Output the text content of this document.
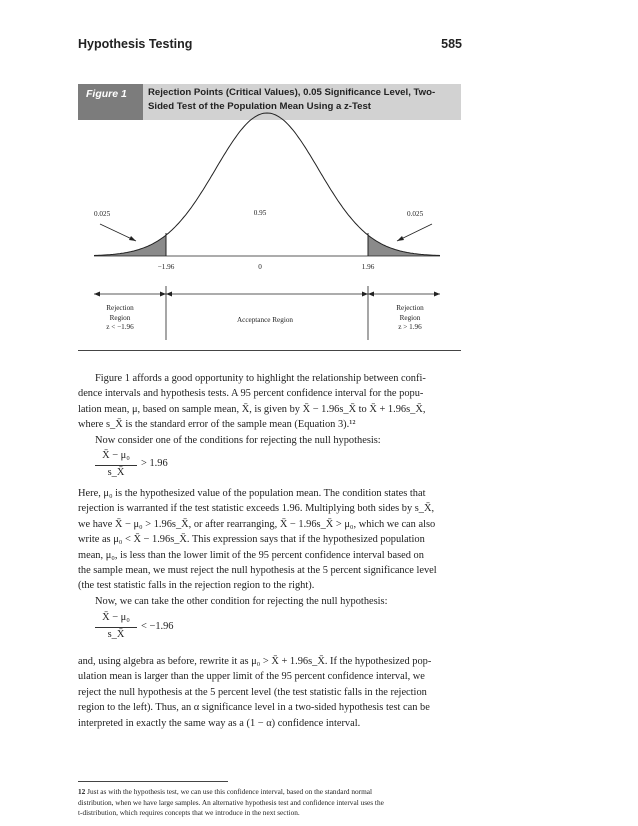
Hypothesis Testing	585
Figure 1	Rejection Points (Critical Values), 0.05 Significance Level, Two-
Sided Test of the Population Mean Using a z-Test
0.025	0.95	0.025
−1.96	0	1.96
Rejection
Region
z < −1.96
Acceptance Region
Rejection
Region
z > 1.96
Figure 1 affords a good opportunity to highlight the relationship between confi-
dence intervals and hypothesis tests. A 95 percent confidence interval for the popu-
lation mean, μ, based on sample mean, X̄, is given by X̄ − 1.96s_X̄ to X̄ + 1.96s_X̄,
where s_X̄ is the standard error of the sample mean (Equation 3).¹²
Now consider one of the conditions for rejecting the null hypothesis:
X̄ − μ₀
s_X̄
> 1.96
Here, μ₀ is the hypothesized value of the population mean. The condition states that
rejection is warranted if the test statistic exceeds 1.96. Multiplying both sides by s_X̄,
we have X̄ − μ₀ > 1.96s_X̄, or after rearranging, X̄ − 1.96s_X̄ > μ₀, which we can also
write as μ₀ < X̄ − 1.96s_X̄. This expression says that if the hypothesized population
mean, μ₀, is less than the lower limit of the 95 percent confidence interval based on
the sample mean, we must reject the null hypothesis at the 5 percent significance level
(the test statistic falls in the rejection region to the right).
Now, we can take the other condition for rejecting the null hypothesis:
X̄ − μ₀
s_X̄
< −1.96
and, using algebra as before, rewrite it as μ₀ > X̄ + 1.96s_X̄. If the hypothesized pop-
ulation mean is larger than the upper limit of the 95 percent confidence interval, we
reject the null hypothesis at the 5 percent level (the test statistic falls in the rejection
region to the left). Thus, an α significance level in a two-sided hypothesis test can be
interpreted in exactly the same way as a (1 − α) confidence interval.
12 Just as with the hypothesis test, we can use this confidence interval, based on the standard normal
distribution, when we have large samples. An alternative hypothesis test and confidence interval uses the
t-distribution, which requires concepts that we introduce in the next section.
